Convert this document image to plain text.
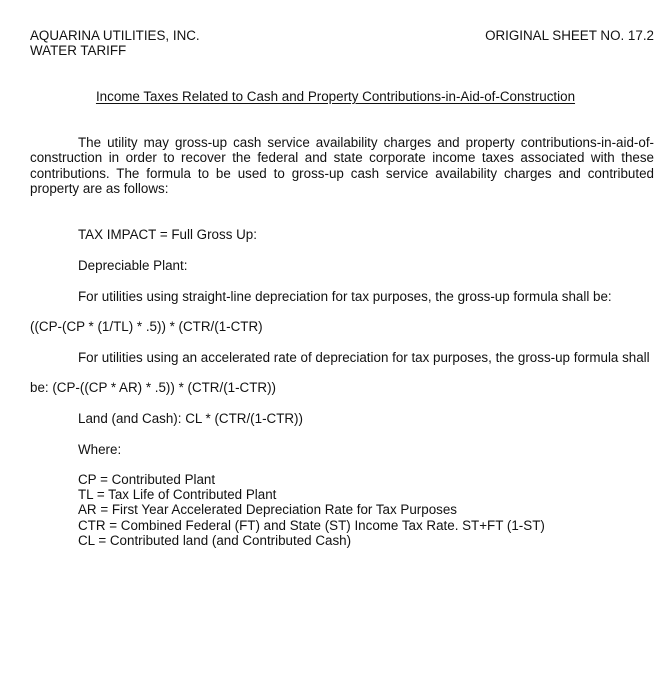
AQUARINA UTILITIES, INC.
WATER TARIFF
ORIGINAL SHEET NO. 17.2
Income Taxes Related to Cash and Property Contributions-in-Aid-of-Construction
The utility may gross-up cash service availability charges and property contributions-in-aid-of-construction in order to recover the federal and state corporate income taxes associated with these contributions. The formula to be used to gross-up cash service availability charges and contributed property are as follows:
TAX IMPACT = Full Gross Up:
Depreciable Plant:
For utilities using straight-line depreciation for tax purposes, the gross-up formula shall be:
((CP-(CP * (1/TL) * .5)) * (CTR/(1-CTR)
For utilities using an accelerated rate of depreciation for tax purposes, the gross-up formula shall
be: (CP-((CP * AR) * .5)) * (CTR/(1-CTR))
Land (and Cash): CL * (CTR/(1-CTR))
Where:
CP = Contributed Plant
TL = Tax Life of Contributed Plant
AR = First Year Accelerated Depreciation Rate for Tax Purposes
CTR = Combined Federal (FT) and State (ST) Income Tax Rate. ST+FT (1-ST)
CL = Contributed land (and Contributed Cash)
